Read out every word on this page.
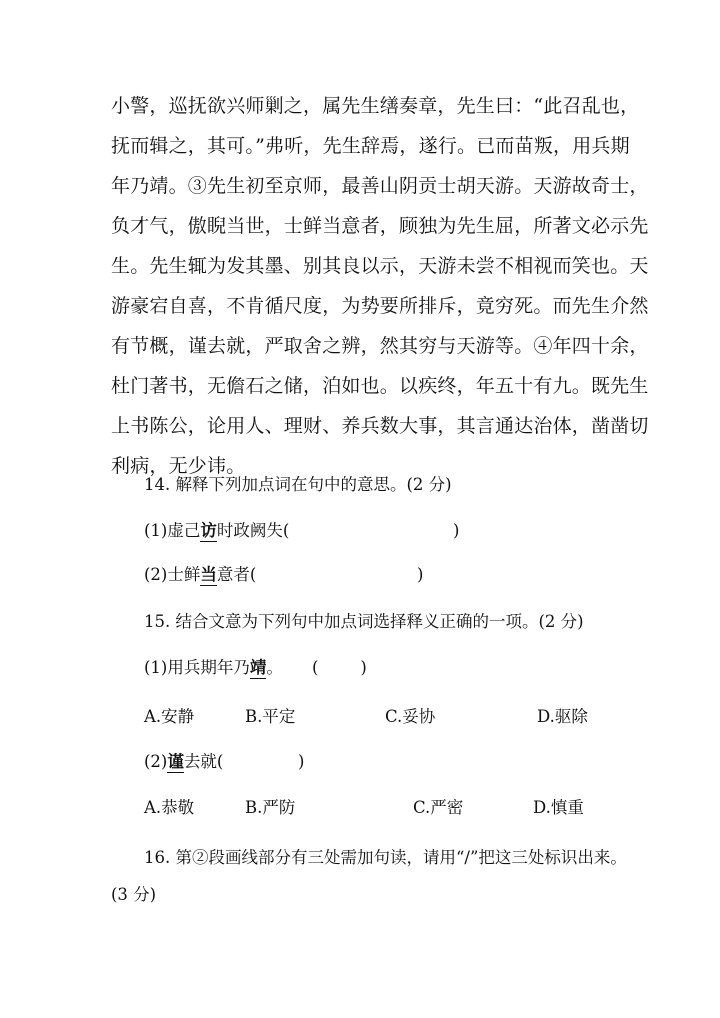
小警，巡抚欲兴师剿之，属先生缮奏章，先生曰：“此召乱也，
抚而辑之，其可。”弗听，先生辞焉，遂行。已而苗叛，用兵期
年乃靖。③先生初至京师，最善山阴贡士胡天游。天游故奇士，
负才气，傲睨当世，士鲜当意者，顾独为先生屈，所著文必示先
生。先生辄为发其墨、别其良以示，天游未尝不相视而笑也。天
游豪宕自喜，不肯循尺度，为势要所排斥，竟穷死。而先生介然
有节概，谨去就，严取舍之辨，然其穷与天游等。④年四十余，
杜门著书，无儋石之储，泊如也。以疾终，年五十有九。既先生
上书陈公，论用人、理财、养兵数大事，其言通达治体，凿凿切
利病，无少讳。
14. 解释下列加点词在句中的意思。(2 分)
(1)虚己访时政阙失(	)
(2)士鲜当意者(	)
15. 结合文意为下列句中加点词选择释义正确的一项。(2 分)
(1)用兵期年乃靖。 (        )
A.安静	B.平定	C.妥协	D.驱除
(2)谨去就(	)
A.恭敬	B.严防	C.严密	D.慎重
16. 第②段画线部分有三处需加句读，请用“/”把这三处标识出来。
(3 分)
